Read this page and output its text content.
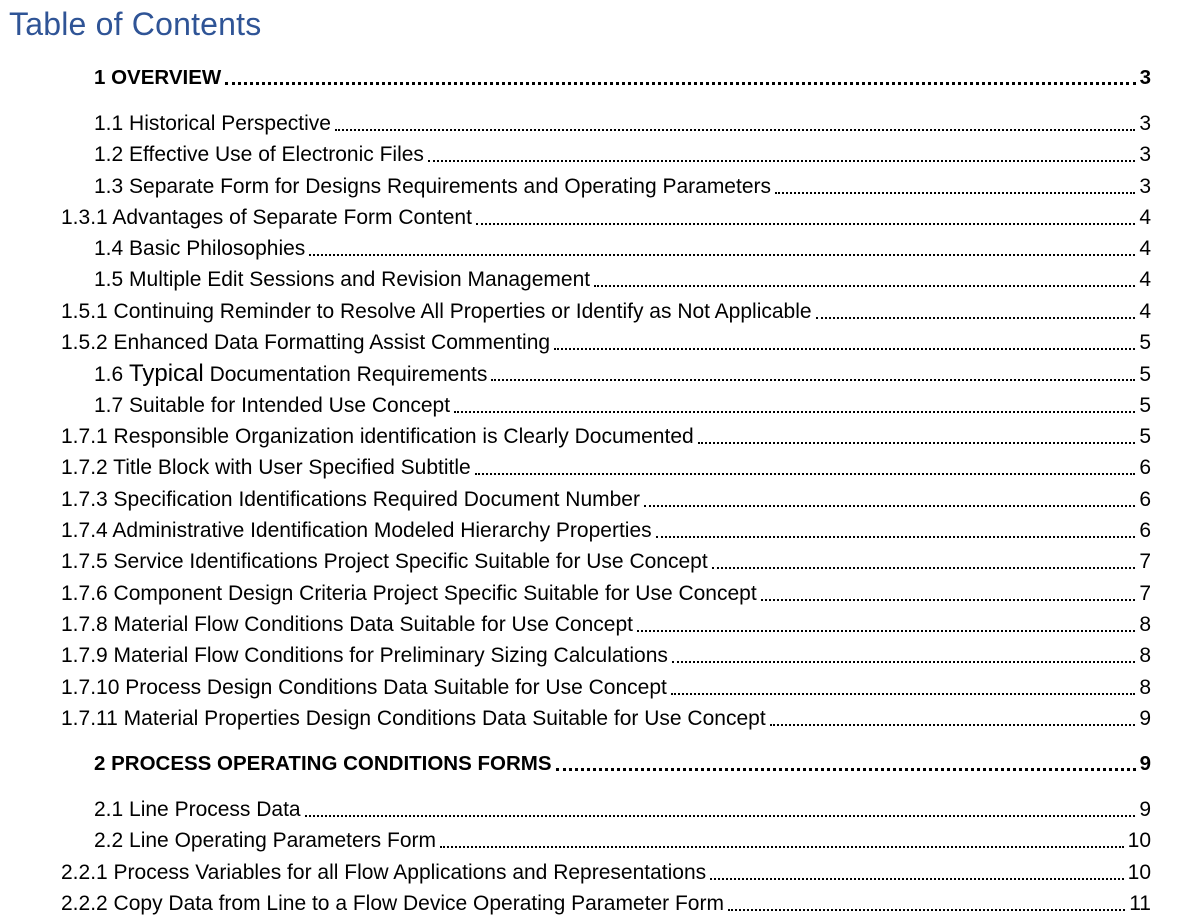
Table of Contents
1 OVERVIEW	3
1.1 Historical Perspective	3
1.2 Effective Use of Electronic Files	3
1.3 Separate Form for Designs Requirements and Operating Parameters	3
1.3.1 Advantages of Separate Form Content	4
1.4 Basic Philosophies	4
1.5 Multiple Edit Sessions and Revision Management	4
1.5.1 Continuing Reminder to Resolve All Properties or Identify as Not Applicable	4
1.5.2 Enhanced Data Formatting Assist Commenting	5
1.6 Typical Documentation Requirements	5
1.7 Suitable for Intended Use Concept	5
1.7.1 Responsible Organization identification is Clearly Documented	5
1.7.2 Title Block with User Specified Subtitle	6
1.7.3 Specification Identifications Required Document Number	6
1.7.4 Administrative Identification Modeled Hierarchy Properties	6
1.7.5 Service Identifications Project Specific Suitable for Use Concept	7
1.7.6 Component Design Criteria Project Specific Suitable for Use Concept	7
1.7.8 Material Flow Conditions Data Suitable for Use Concept	8
1.7.9 Material Flow Conditions for Preliminary Sizing Calculations	8
1.7.10 Process Design Conditions Data Suitable for Use Concept	8
1.7.11 Material Properties Design Conditions Data Suitable for Use Concept	9
2 PROCESS OPERATING CONDITIONS FORMS	9
2.1 Line Process Data	9
2.2 Line Operating Parameters Form	10
2.2.1 Process Variables for all Flow Applications and Representations	10
2.2.2 Copy Data from Line to a Flow Device Operating Parameter Form	11
